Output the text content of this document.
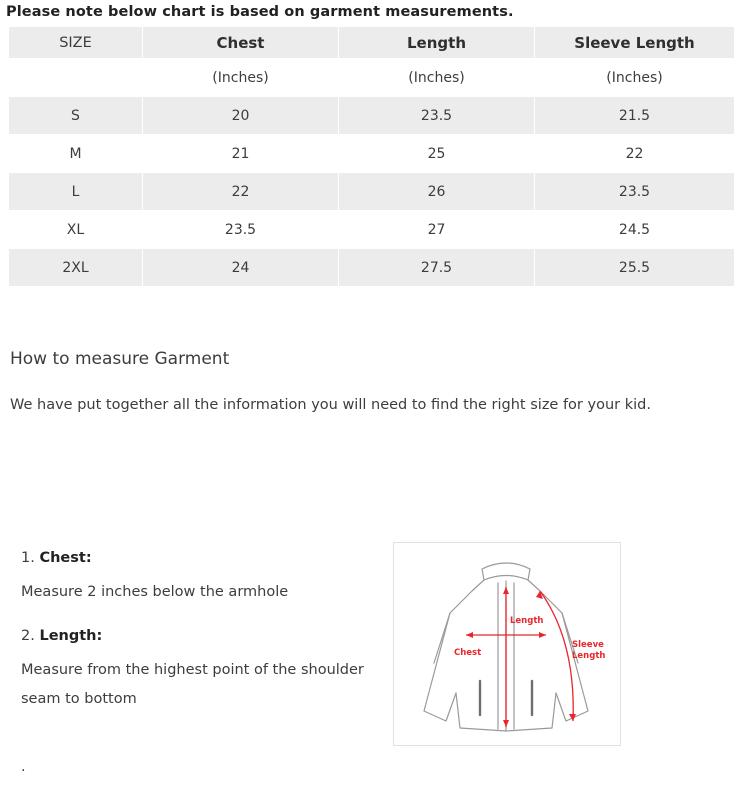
Please note below chart is based on garment measurements.
SIZE	Chest	Length	Sleeve Length
	(Inches)	(Inches)	(Inches)
S	20	23.5	21.5
M	21	25	22
L	22	26	23.5
XL	23.5	27	24.5
2XL	24	27.5	25.5
How to measure Garment
We have put together all the information you will need to find the right size for your kid.
1. Chest:
Measure 2 inches below the armhole
2. Length:
Measure from the highest point of the shoulder seam to bottom
.
Chest
Length
Sleeve
Length
